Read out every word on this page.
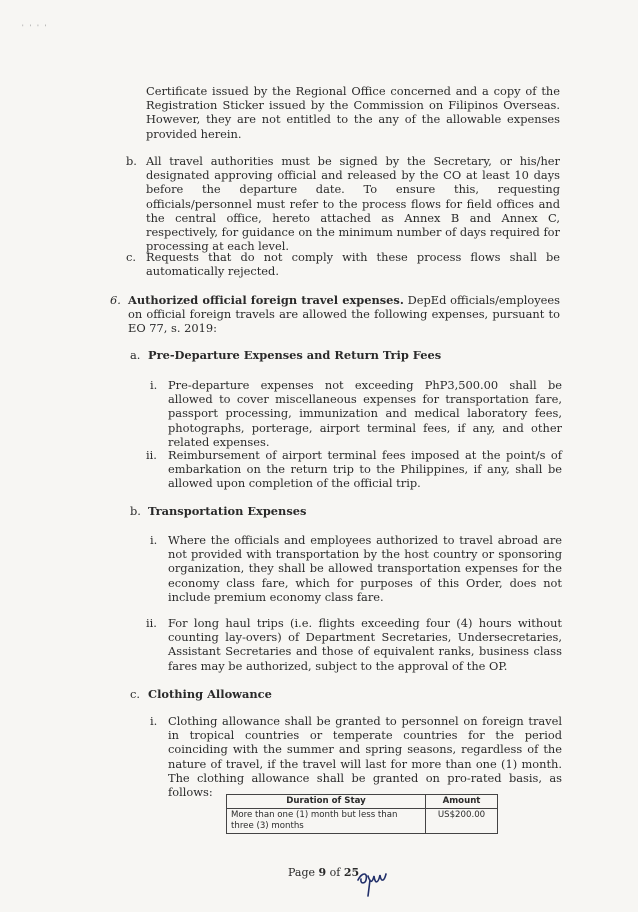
' ' ' '

Certificate issued by the Regional Office concerned and a copy of the Registration Sticker issued by the Commission on Filipinos Overseas. However, they are not entitled to the any of the allowable expenses provided herein.

b. All travel authorities must be signed by the Secretary, or his/her designated approving official and released by the CO at least 10 days before the departure date. To ensure this, requesting officials/personnel must refer to the process flows for field offices and the central office, hereto attached as Annex B and Annex C, respectively, for guidance on the minimum number of days required for processing at each level.

c. Requests that do not comply with these process flows shall be automatically rejected.

6. Authorized official foreign travel expenses. DepEd officials/employees on official foreign travels are allowed the following expenses, pursuant to EO 77, s. 2019:

a. Pre-Departure Expenses and Return Trip Fees
i. Pre-departure expenses not exceeding PhP3,500.00 shall be allowed to cover miscellaneous expenses for transportation fare, passport processing, immunization and medical laboratory fees, photographs, porterage, airport terminal fees, if any, and other related expenses.

ii. Reimbursement of airport terminal fees imposed at the point/s of embarkation on the return trip to the Philippines, if any, shall be allowed upon completion of the official trip.

b. Transportation Expenses
i. Where the officials and employees authorized to travel abroad are not provided with transportation by the host country or sponsoring organization, they shall be allowed transportation expenses for the economy class fare, which for purposes of this Order, does not include premium economy class fare.

ii. For long haul trips (i.e. flights exceeding four (4) hours without counting lay-overs) of Department Secretaries, Undersecretaries, Assistant Secretaries and those of equivalent ranks, business class fares may be authorized, subject to the approval of the OP.

c. Clothing Allowance
i. Clothing allowance shall be granted to personnel on foreign travel in tropical countries or temperate countries for the period coinciding with the summer and spring seasons, regardless of the nature of travel, if the travel will last for more than one (1) month. The clothing allowance shall be granted on pro-rated basis, as follows:

Duration of Stay	Amount
More than one (1) month but less than three (3) months	US$200.00
Page 9 of 25
